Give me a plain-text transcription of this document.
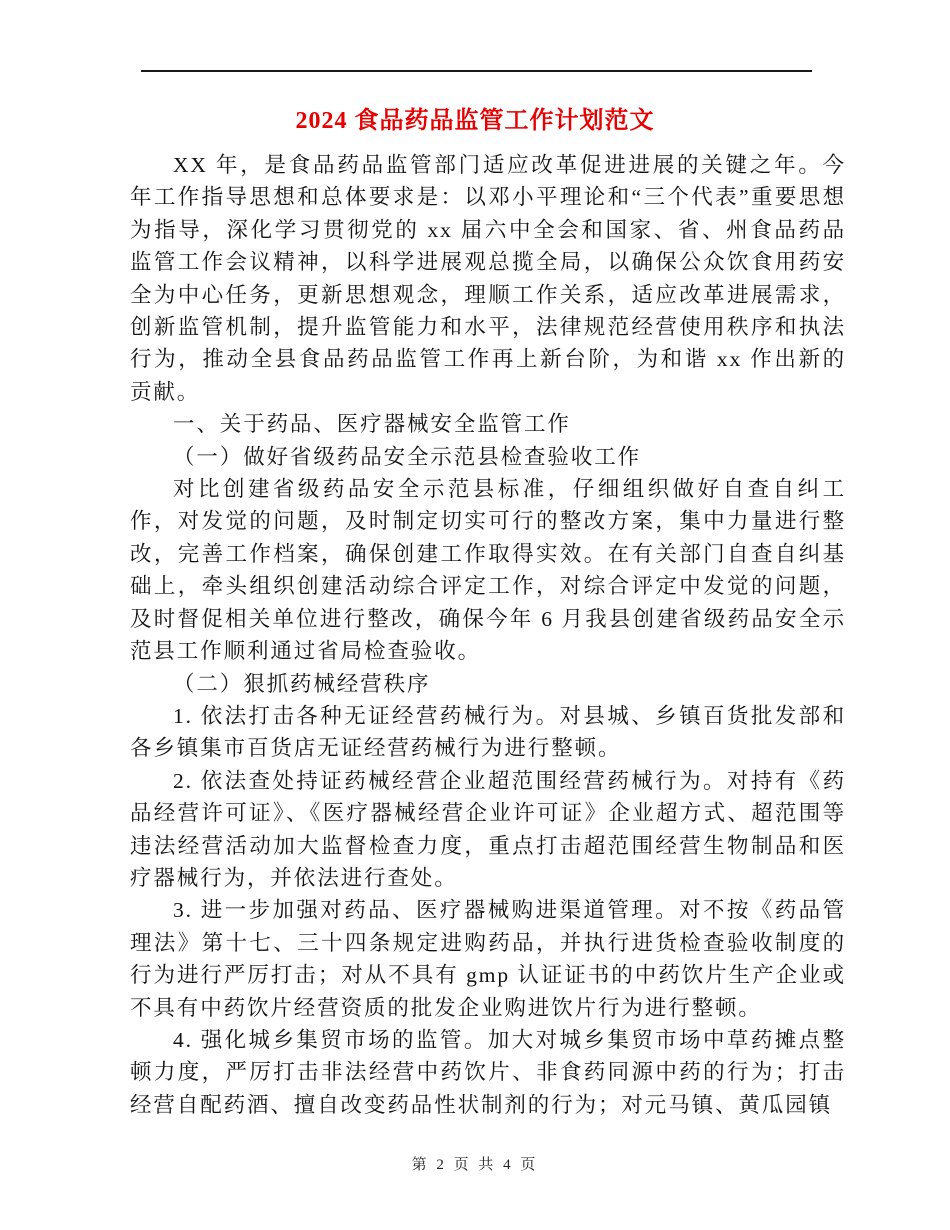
2024 食品药品监管工作计划范文

XX 年，是食品药品监管部门适应改革促进进展的关键之年。今年工作指导思想和总体要求是：以邓小平理论和“三个代表”重要思想为指导，深化学习贯彻党的 xx 届六中全会和国家、省、州食品药品监管工作会议精神，以科学进展观总揽全局，以确保公众饮食用药安全为中心任务，更新思想观念，理顺工作关系，适应改革进展需求，创新监管机制，提升监管能力和水平，法律规范经营使用秩序和执法行为，推动全县食品药品监管工作再上新台阶，为和谐 xx 作出新的贡献。

一、关于药品、医疗器械安全监管工作

（一）做好省级药品安全示范县检查验收工作

对比创建省级药品安全示范县标准，仔细组织做好自查自纠工作，对发觉的问题，及时制定切实可行的整改方案，集中力量进行整改，完善工作档案，确保创建工作取得实效。在有关部门自查自纠基础上，牵头组织创建活动综合评定工作，对综合评定中发觉的问题，及时督促相关单位进行整改，确保今年 6 月我县创建省级药品安全示范县工作顺利通过省局检查验收。

（二）狠抓药械经营秩序

1. 依法打击各种无证经营药械行为。对县城、乡镇百货批发部和各乡镇集市百货店无证经营药械行为进行整顿。

2. 依法查处持证药械经营企业超范围经营药械行为。对持有《药品经营许可证》、《医疗器械经营企业许可证》企业超方式、超范围等违法经营活动加大监督检查力度，重点打击超范围经营生物制品和医疗器械行为，并依法进行查处。

3. 进一步加强对药品、医疗器械购进渠道管理。对不按《药品管理法》第十七、三十四条规定进购药品，并执行进货检查验收制度的行为进行严厉打击；对从不具有 gmp 认证证书的中药饮片生产企业或不具有中药饮片经营资质的批发企业购进饮片行为进行整顿。

4. 强化城乡集贸市场的监管。加大对城乡集贸市场中草药摊点整顿力度，严厉打击非法经营中药饮片、非食药同源中药的行为；打击经营自配药酒、擅自改变药品性状制剂的行为；对元马镇、黄瓜园镇

第 2 页 共 4 页
